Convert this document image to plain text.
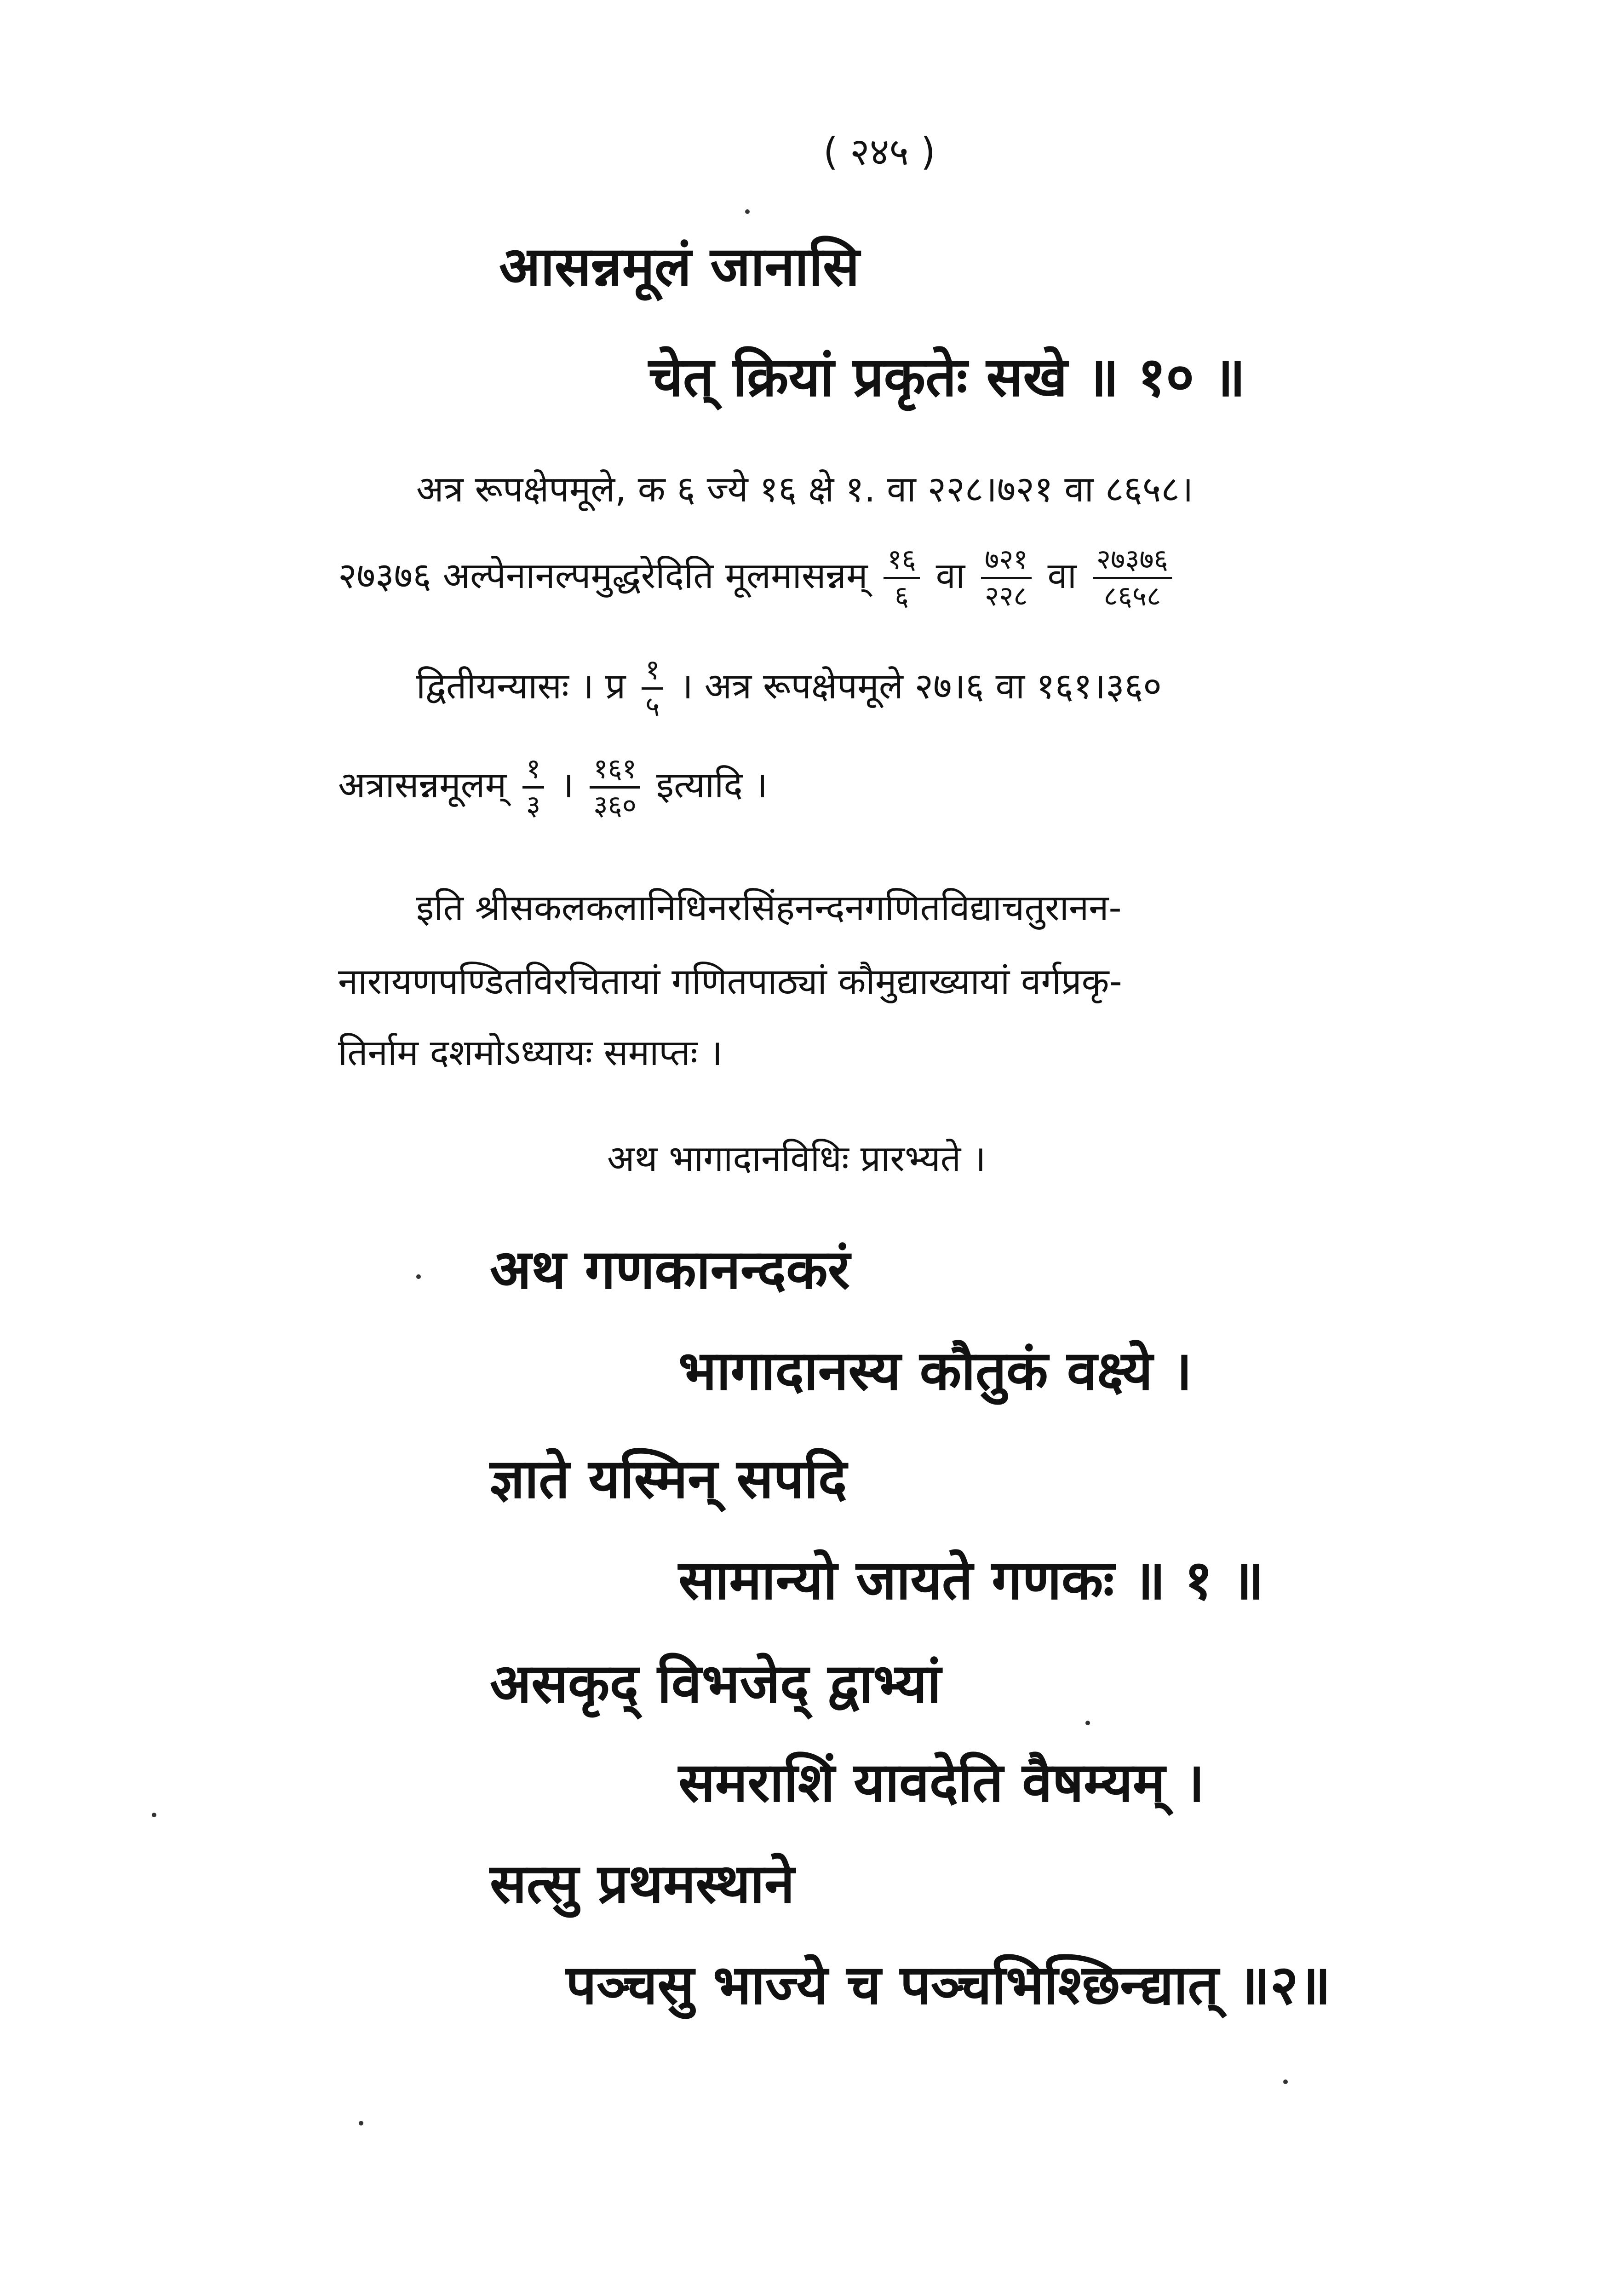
( २४५ )
आसन्नमूलं जानासि
चेत् क्रियां प्रकृतेः सखे ॥ १० ॥
अत्र रूपक्षेपमूले, क ६ ज्ये १६ क्षे १. वा २२८।७२१ वा ८६५८।
२७३७६ अल्पेनानल्पमुद्धरेदिति मूलमासन्नम् $\frac{१६}{६}$ वा $\frac{७२१}{२२८}$ वा $\frac{२७३७६}{८६५८}$
द्वितीयन्यासः । प्र $\frac{१}{५}$ । अत्र रूपक्षेपमूले २७।६ वा १६१।३६०
अत्रासन्नमूलम् $\frac{१}{३}$ । $\frac{१६१}{३६०}$ इत्यादि ।
इति श्रीसकलकलानिधिनरसिंहनन्दनगणितविद्याचतुरानन-
नारायणपण्डितविरचितायां गणितपाठ्यां कौमुद्याख्यायां वर्गप्रकृ-
तिर्नाम दशमोऽध्यायः समाप्तः ।
अथ भागादानविधिः प्रारभ्यते ।
अथ गणकानन्दकरं
भागादानस्य कौतुकं वक्ष्ये ।
ज्ञाते यस्मिन् सपदि
सामान्यो जायते गणकः ॥ १ ॥
असकृद् विभजेद् द्वाभ्यां
समराशिं यावदेति वैषम्यम् ।
सत्सु प्रथमस्थाने
पञ्चसु भाज्ये च पञ्चभिश्छिन्द्यात् ॥२॥
